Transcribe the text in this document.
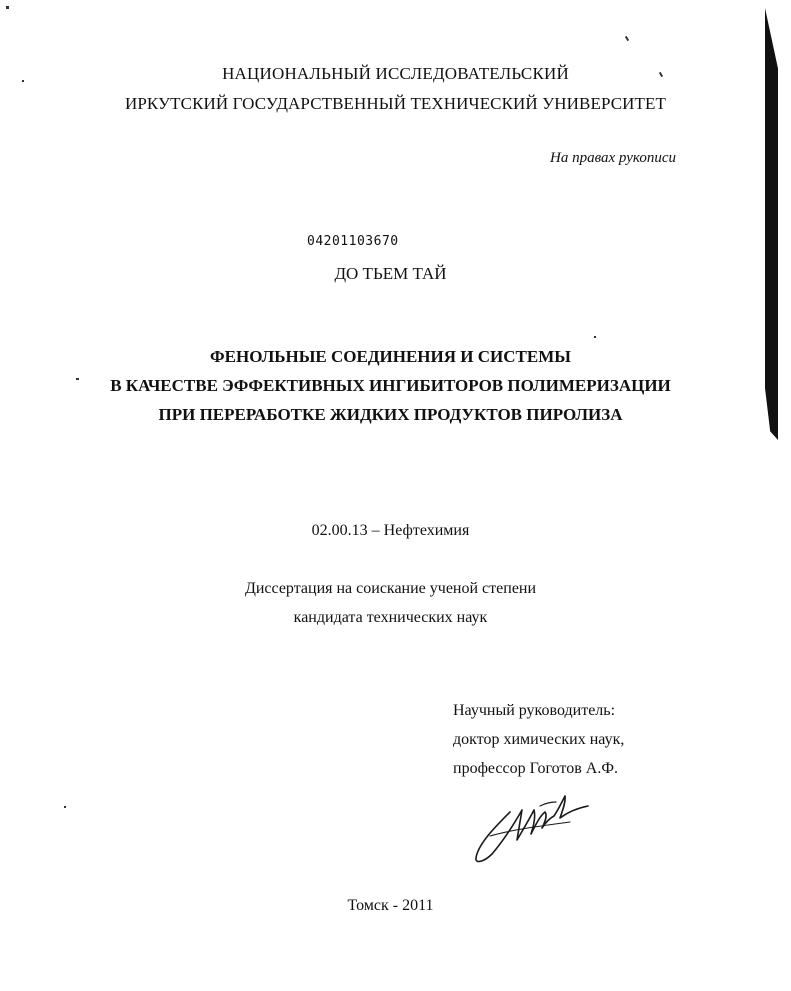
НАЦИОНАЛЬНЫЙ ИССЛЕДОВАТЕЛЬСКИЙ
ИРКУТСКИЙ ГОСУДАРСТВЕННЫЙ ТЕХНИЧЕСКИЙ УНИВЕРСИТЕТ
На правах рукописи
04201103670
ДО ТЬЕМ ТАЙ
ФЕНОЛЬНЫЕ СОЕДИНЕНИЯ И СИСТЕМЫ
В КАЧЕСТВЕ ЭФФЕКТИВНЫХ ИНГИБИТОРОВ ПОЛИМЕРИЗАЦИИ
ПРИ ПЕРЕРАБОТКЕ ЖИДКИХ ПРОДУКТОВ ПИРОЛИЗА
02.00.13 – Нефтехимия
Диссертация на соискание ученой степени
кандидата технических наук
Научный руководитель:
доктор химических наук,
профессор Гоготов А.Ф.
Томск - 2011
